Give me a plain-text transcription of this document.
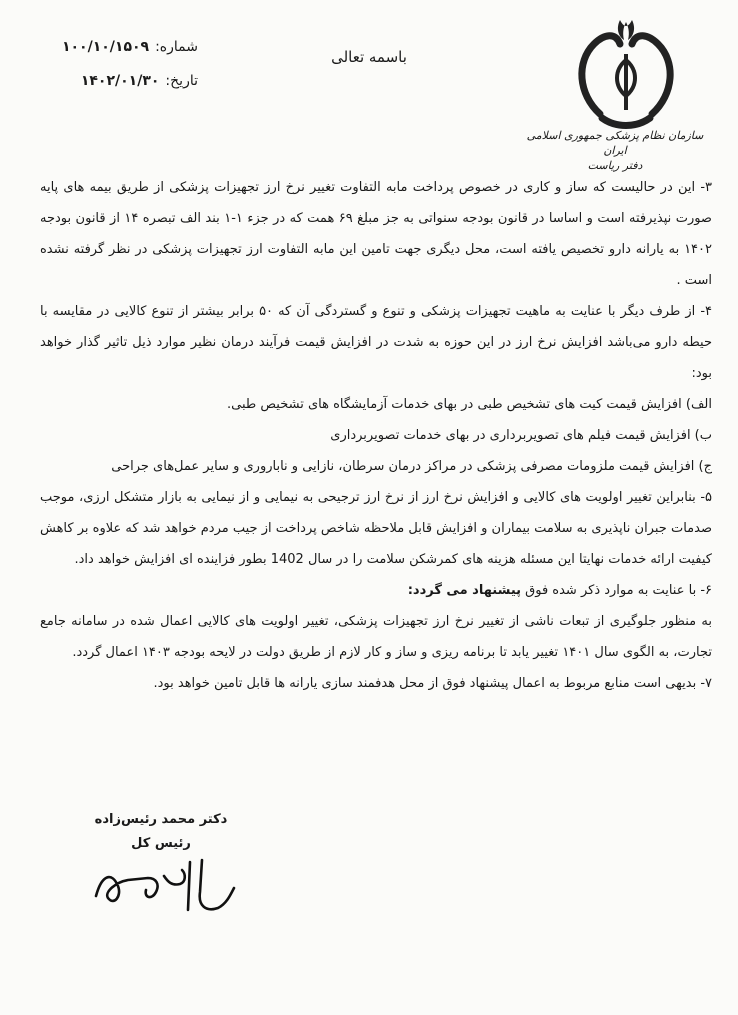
شماره:
۱۰۰/۱۰/۱۵۰۹
تاریخ:
۱۴۰۲/۰۱/۳۰
باسمه تعالی
سازمان نظام پزشکی جمهوری اسلامی ایران
دفتر ریاست

۳- این در حالیست که ساز و کاری در خصوص پرداخت مابه التفاوت تغییر نرخ ارز تجهیزات پزشکی از طریق بیمه های پایه صورت نپذیرفته است و اساسا در قانون بودجه سنواتی به جز مبلغ ۶۹ همت که در جزء ۱-۱ بند الف تبصره ۱۴ از قانون بودجه ۱۴۰۲ به یارانه دارو تخصیص یافته است، محل دیگری جهت تامین این مابه التفاوت ارز تجهیزات پزشکی در نظر گرفته نشده است .

۴- از طرف دیگر با عنایت به ماهیت تجهیزات پزشکی و تنوع و گستردگی آن که ۵۰ برابر بیشتر از تنوع کالایی در مقایسه با حیطه دارو می‌باشد افزایش نرخ ارز در این حوزه به شدت در افزایش قیمت فرآیند درمان نظیر موارد ذیل تاثیر گذار خواهد بود:

الف) افزایش قیمت کیت های تشخیص طبی در بهای خدمات آزمایشگاه های تشخیص طبی.

ب) افزایش قیمت فیلم های تصویربرداری در بهای خدمات تصویربرداری

ج) افزایش قیمت ملزومات مصرفی پزشکی در مراکز درمان سرطان، نازایی و ناباروری و سایر عمل‌های جراحی

۵- بنابراین تغییر اولویت های کالایی و افزایش نرخ ارز از نرخ ارز ترجیحی به نیمایی و از نیمایی به بازار متشکل ارزی، موجب صدمات جبران ناپذیری به سلامت بیماران و افزایش قابل ملاحظه شاخص پرداخت از جیب مردم خواهد شد که علاوه بر کاهش کیفیت ارائه خدمات نهایتا این مسئله هزینه های کمرشکن سلامت را در سال 1402 بطور فزاینده ای افزایش خواهد داد.

۶- با عنایت به موارد ذکر شده فوق پیشنهاد می گردد:

به منظور جلوگیری از تبعات ناشی از تغییر نرخ ارز تجهیزات پزشکی، تغییر اولویت های کالایی اعمال شده در سامانه جامع تجارت، به الگوی سال ۱۴۰۱ تغییر یابد تا برنامه ریزی و ساز و کار لازم از طریق دولت در لایحه بودجه ۱۴۰۳ اعمال گردد.

۷- بدیهی است منابع مربوط به اعمال پیشنهاد فوق از محل هدفمند سازی یارانه ها قابل تامین خواهد بود.

دکتر محمد رئیس‌زاده
رئیس کل
